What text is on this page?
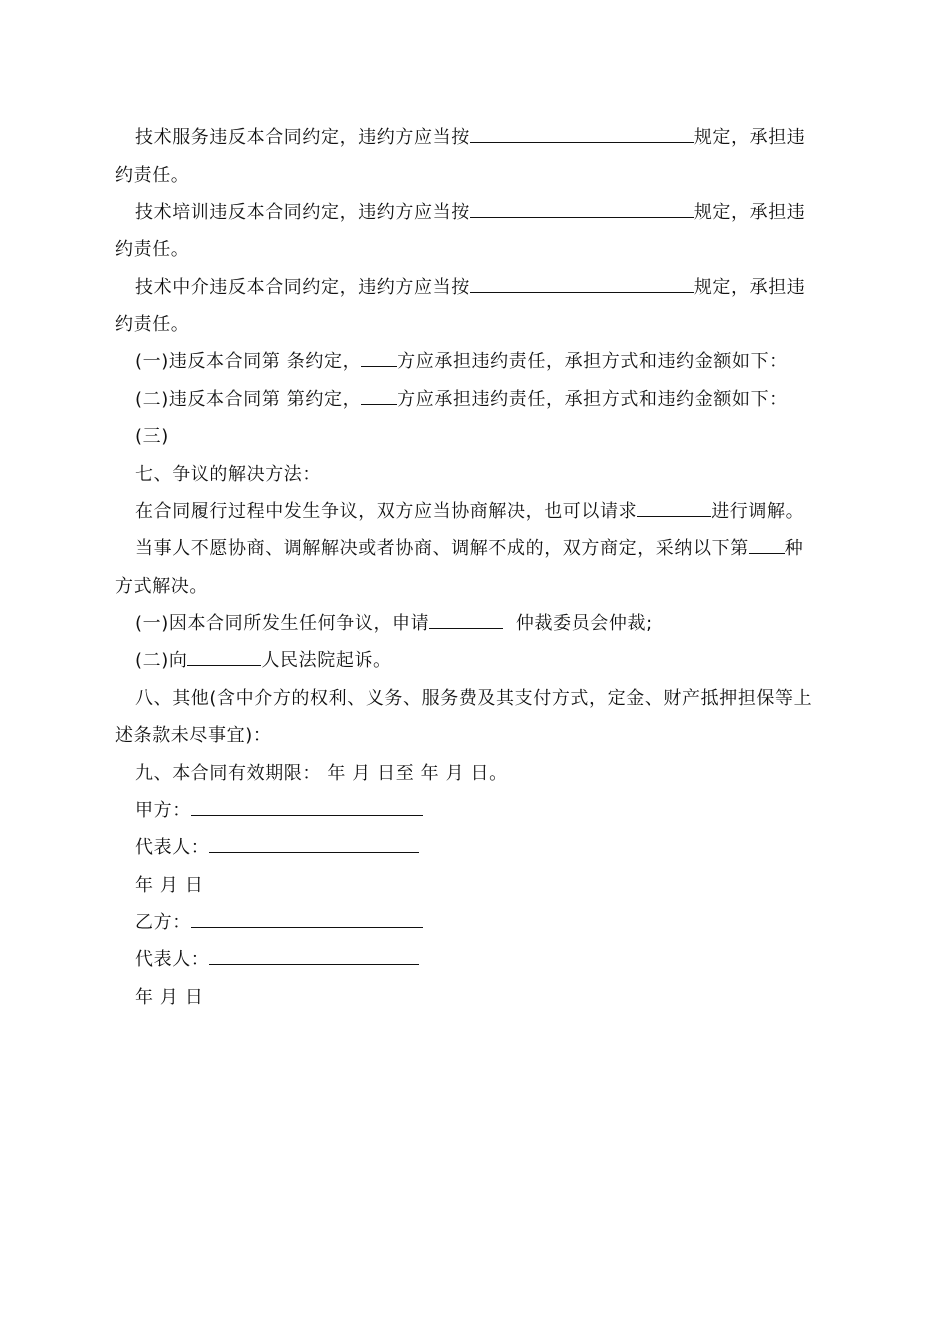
技术服务违反本合同约定，违约方应当按	规定，承担违
约责任。
技术培训违反本合同约定，违约方应当按	规定，承担违
约责任。
技术中介违反本合同约定，违约方应当按	规定，承担违
约责任。
(一)违反本合同第 条约定， 方应承担违约责任，承担方式和违约金额如下：
(二)违反本合同第 第约定， 方应承担违约责任，承担方式和违约金额如下：
(三)
七、争议的解决方法：
在合同履行过程中发生争议，双方应当协商解决，也可以请求	进行调解。
当事人不愿协商、调解解决或者协商、调解不成的，双方商定，采纳以下第 种
方式解决。
(一)因本合同所发生任何争议，申请	仲裁委员会仲裁;
(二)向	人民法院起诉。
八、其他(含中介方的权利、义务、服务费及其支付方式，定金、财产抵押担保等上
述条款未尽事宜)：
九、本合同有效期限： 年 月 日至 年 月 日。
甲方：
代表人：
年 月 日
乙方：
代表人：
年 月 日
